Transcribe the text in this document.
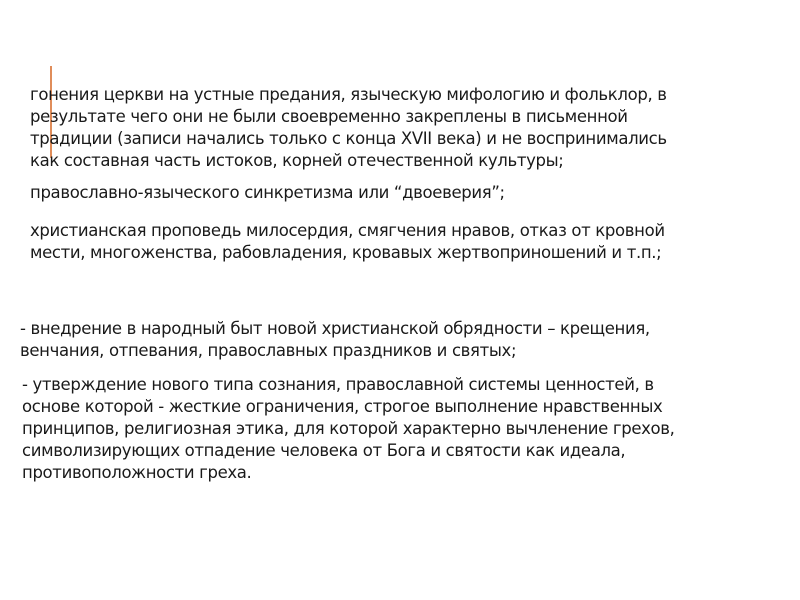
гонения церкви на устные предания, языческую мифологию и фольклор, в
результате чего они не были своевременно закреплены в письменной
традиции (записи начались только с конца XVII века) и не воспринимались
как составная часть истоков, корней отечественной культуры;

православно-языческого синкретизма или “двоеверия”;

христианская проповедь милосердия, смягчения нравов, отказ от кровной
мести, многоженства, рабовладения, кровавых жертвоприношений и т.п.;

- внедрение в народный быт новой христианской обрядности – крещения,
венчания, отпевания, православных праздников и святых;

- утверждение нового типа сознания, православной системы ценностей, в
основе которой - жесткие ограничения, строгое выполнение нравственных
принципов, религиозная этика, для которой характерно вычленение грехов,
символизирующих отпадение человека от Бога и святости как идеала,
противоположности греха.
